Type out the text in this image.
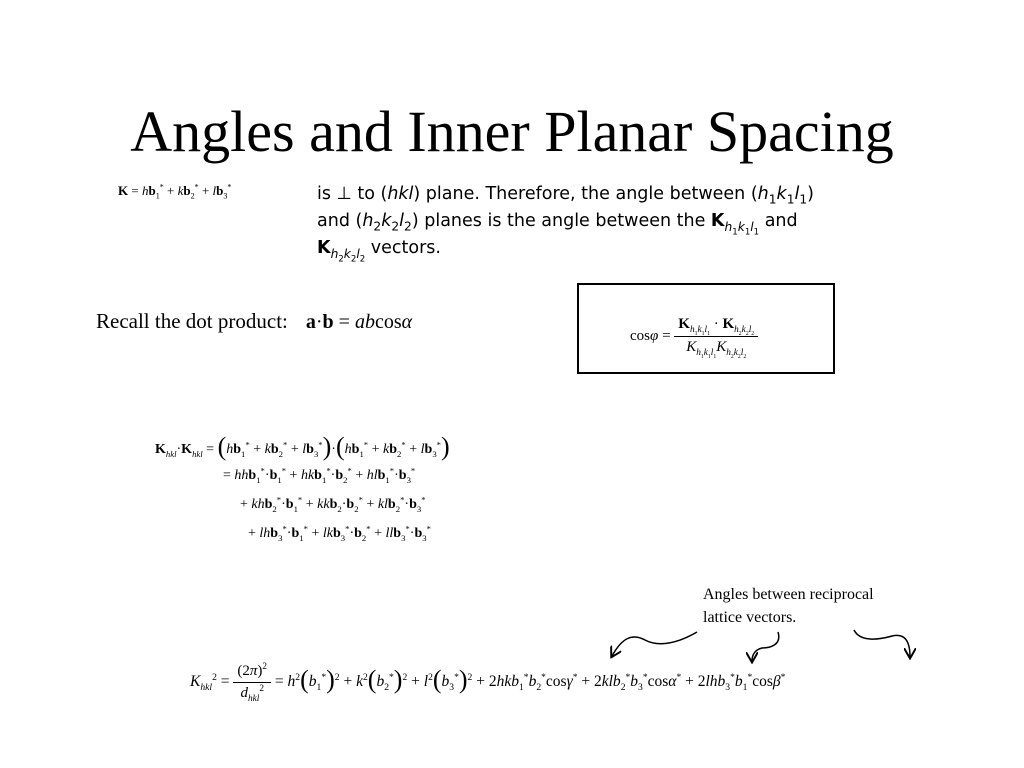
Angles and Inner Planar Spacing
$K = hb_1^* + kb_2^* + lb_3^*$	is ⊥ to (hkl) plane. Therefore, the angle between $(h_1k_1l_1)$
and $(h_2k_2l_2)$ planes is the angle between the $K_{h_1k_1l_1}$ and
$K_{h_2k_2l_2}$ vectors.
Recall the dot product: a·b = abcosα
$\cos\varphi = \frac{K_{h_1k_1l_1} \cdot K_{h_2k_2l_2}}{K_{h_1k_1l_1}K_{h_2k_2l_2}}$
$K_{hkl}\cdot K_{hkl} = (hb_1^* + kb_2^* + lb_3^*)\cdot(hb_1^* + kb_2^* + lb_3^*)$
= $hhb_1^*\cdot b_1^* + hkb_1^*\cdot b_2^* + hlb_1^*\cdot b_3^*$
+ $khb_2^*\cdot b_1^* + kkb_2\cdot b_2^* + klb_2^*\cdot b_3^*$
+ $lhb_3^*\cdot b_1^* + lkb_3^*\cdot b_2^* + llb_3^*\cdot b_3^*$
Angles between reciprocal
lattice vectors.
$K_{hkl}^2 = \frac{(2\pi)^2}{d_{hkl}^2} = h^2(b_1^*)^2 + k^2(b_2^*)^2 + l^2(b_3^*)^2 + 2hkb_1^*b_2^*\cos\gamma^* + 2klb_2^*b_3^*\cos\alpha^* + 2lhb_3^*b_1^*\cos\beta^*$
